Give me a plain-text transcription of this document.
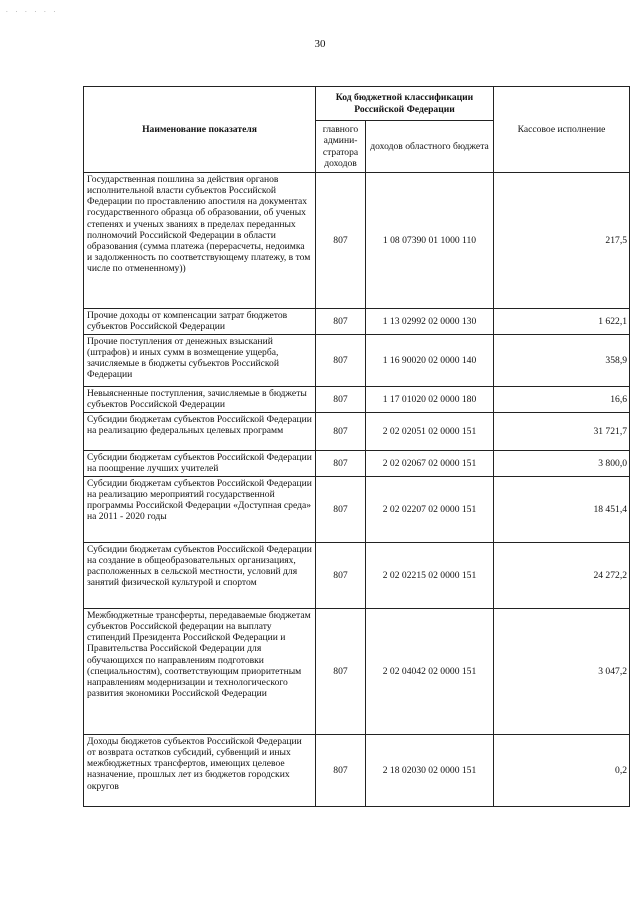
. . . . . .
30
Наименование показателя	Код бюджетной классификации Российской Федерации		Кассовое исполнение
	главного админи-стратора доходов	доходов областного бюджета	
Государственная пошлина за действия органов исполнительной власти субъектов Российской Федерации по проставлению апостиля на документах государственного образца об образовании, об ученых степенях и ученых званиях в пределах переданных полномочий Российской Федерации в области образования (сумма платежа (перерасчеты, недоимка и задолженность по соответствующему платежу, в том числе по отмененному))	807	1 08 07390 01 1000 110	217,5
Прочие доходы от компенсации затрат бюджетов субъектов Российской Федерации	807	1 13 02992 02 0000 130	1 622,1
Прочие поступления от денежных взысканий (штрафов) и иных сумм в возмещение ущерба, зачисляемые в бюджеты субъектов Российской Федерации	807	1 16 90020 02 0000 140	358,9
Невыясненные поступления, зачисляемые в бюджеты субъектов Российской Федерации	807	1 17 01020 02 0000 180	16,6
Субсидии бюджетам субъектов Российской Федерации на реализацию федеральных целевых программ	807	2 02 02051 02 0000 151	31 721,7
Субсидии бюджетам субъектов Российской Федерации на поощрение лучших учителей	807	2 02 02067 02 0000 151	3 800,0
Субсидии бюджетам субъектов Российской Федерации на реализацию мероприятий государственной программы Российской Федерации «Доступная среда» на 2011 - 2020 годы	807	2 02 02207 02 0000 151	18 451,4
Субсидии бюджетам субъектов Российской Федерации на создание в общеобразовательных организациях, расположенных в сельской местности, условий для занятий физической культурой и спортом	807	2 02 02215 02 0000 151	24 272,2
Межбюджетные трансферты, передаваемые бюджетам субъектов Российской федерации на выплату стипендий Президента Российской Федерации и Правительства Российской Федерации для обучающихся по направлениям подготовки (специальностям), соответствующим приоритетным направлениям модернизации и технологического развития экономики Российской Федерации	807	2 02 04042 02 0000 151	3 047,2
Доходы бюджетов субъектов Российской Федерации от возврата остатков субсидий, субвенций и иных межбюджетных трансфертов, имеющих целевое назначение, прошлых лет из бюджетов городских округов	807	2 18 02030 02 0000 151	0,2
